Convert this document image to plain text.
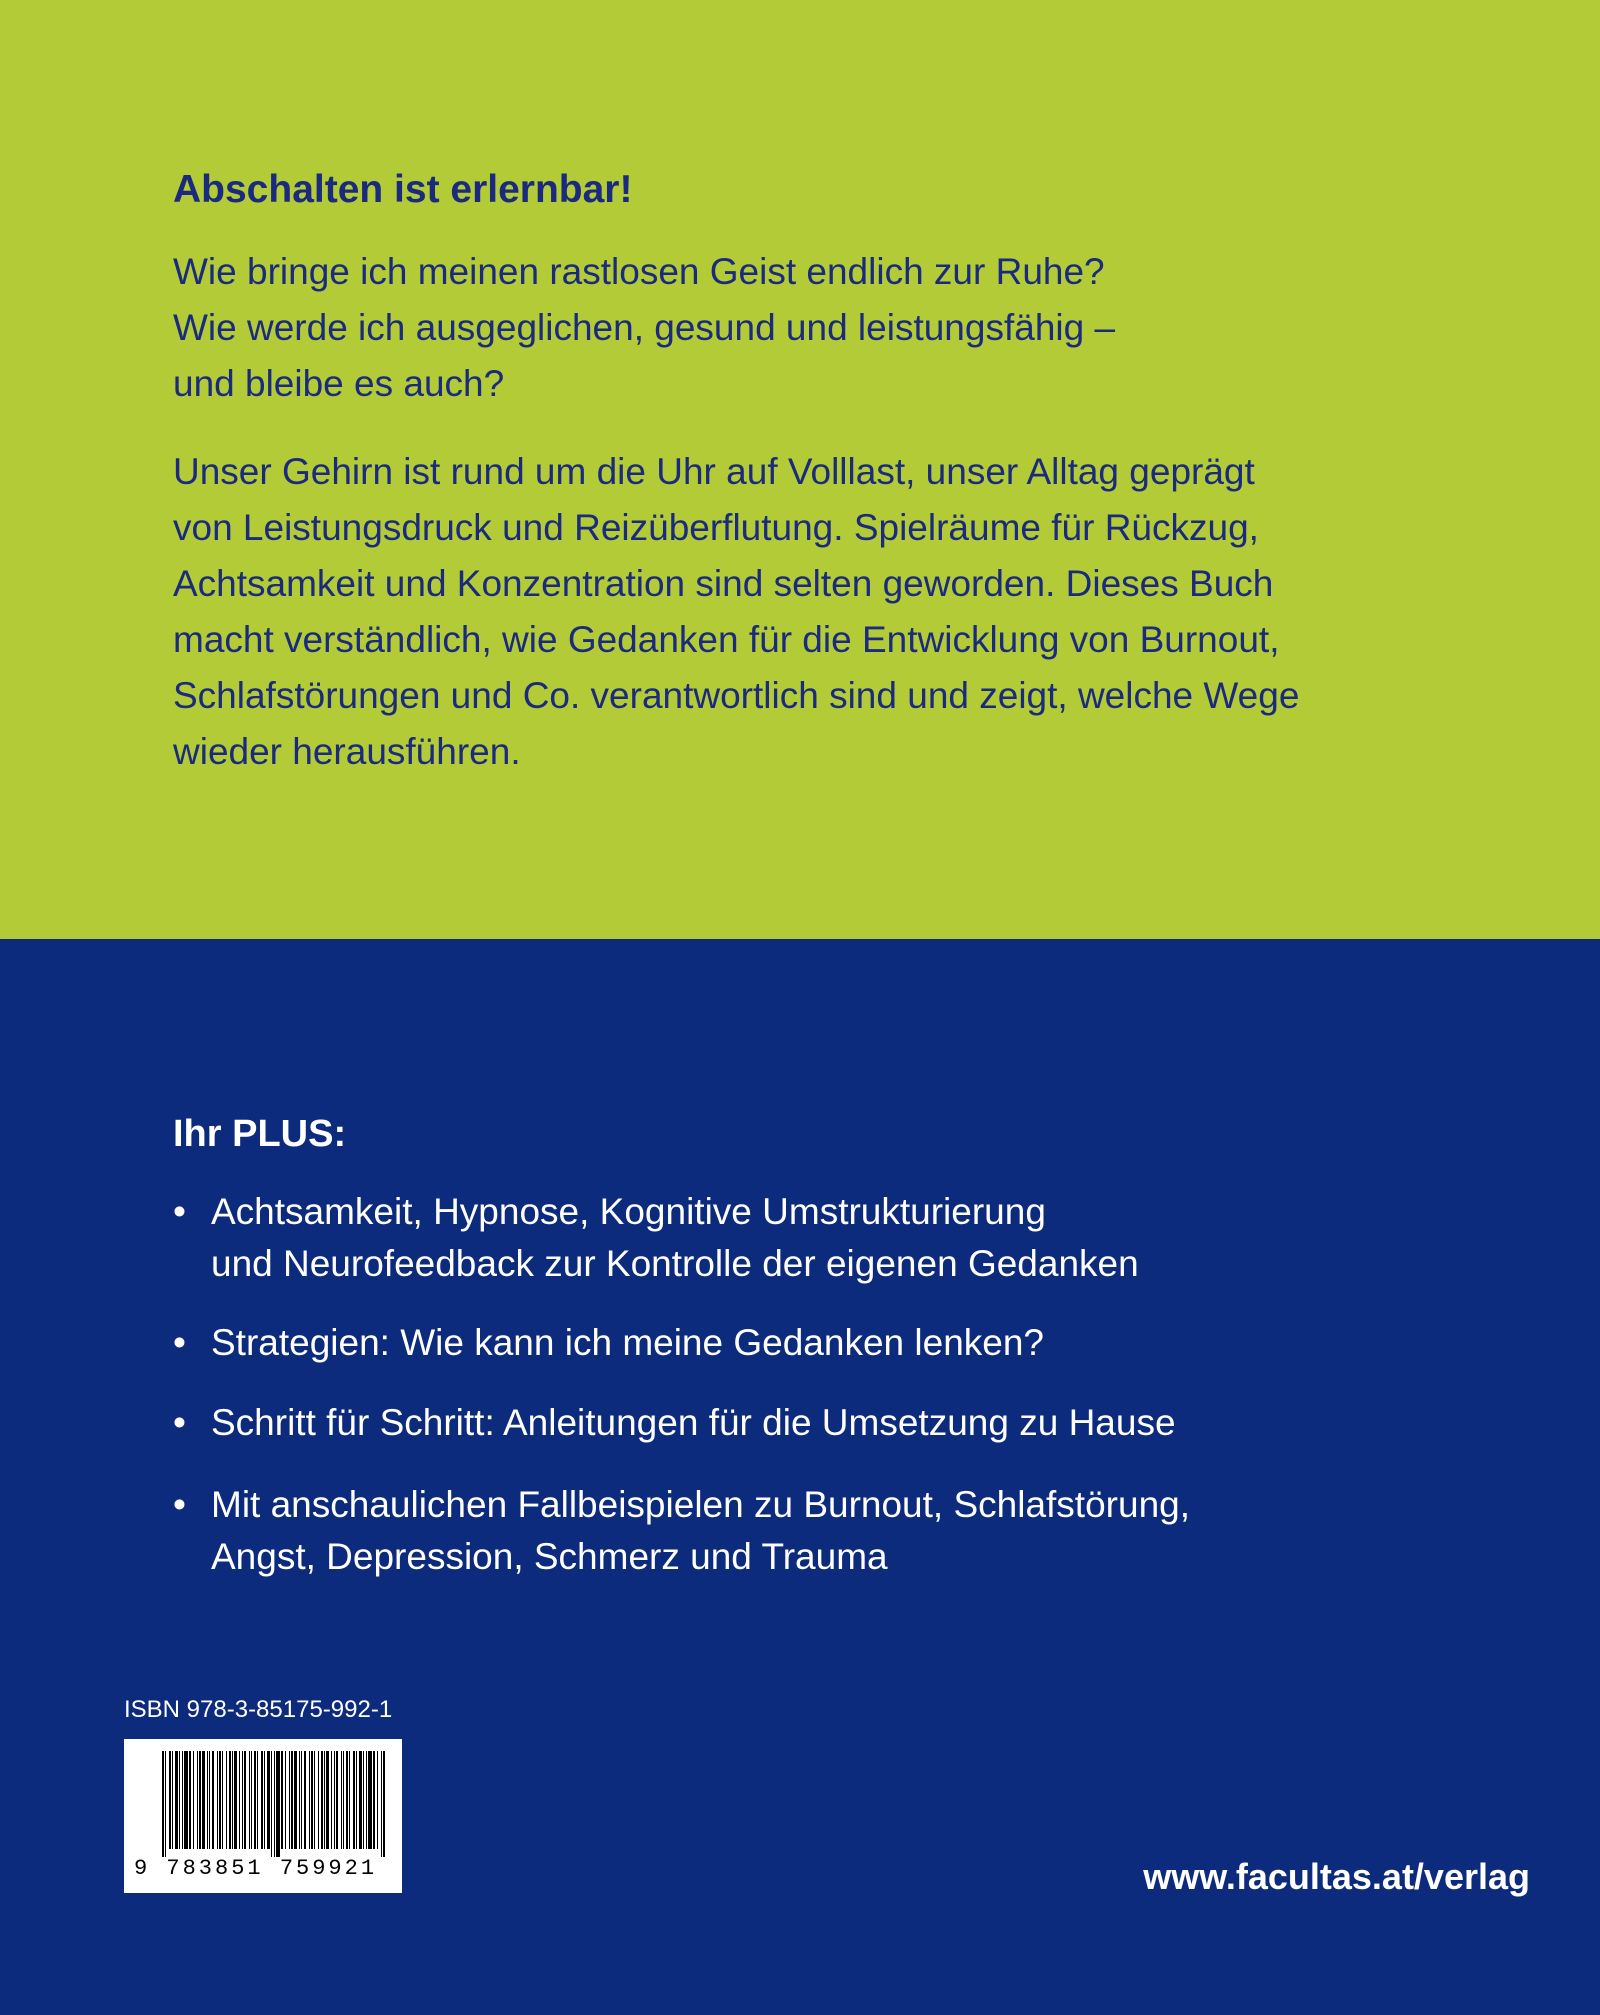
Abschalten ist erlernbar!
Wie bringe ich meinen rastlosen Geist endlich zur Ruhe?
Wie werde ich ausgeglichen, gesund und leistungsfähig –
und bleibe es auch?
Unser Gehirn ist rund um die Uhr auf Volllast, unser Alltag geprägt
von Leistungsdruck und Reizüberflutung. Spielräume für Rückzug,
Achtsamkeit und Konzentration sind selten geworden. Dieses Buch
macht verständlich, wie Gedanken für die Entwicklung von Burnout,
Schlafstörungen und Co. verantwortlich sind und zeigt, welche Wege
wieder herausführen.
Ihr PLUS:
• Achtsamkeit, Hypnose, Kognitive Umstrukturierung
und Neurofeedback zur Kontrolle der eigenen Gedanken
• Strategien: Wie kann ich meine Gedanken lenken?
• Schritt für Schritt: Anleitungen für die Umsetzung zu Hause
• Mit anschaulichen Fallbeispielen zu Burnout, Schlafstörung,
Angst, Depression, Schmerz und Trauma
ISBN 978-3-85175-992-1
9 783851 759921	www.facultas.at/verlag
